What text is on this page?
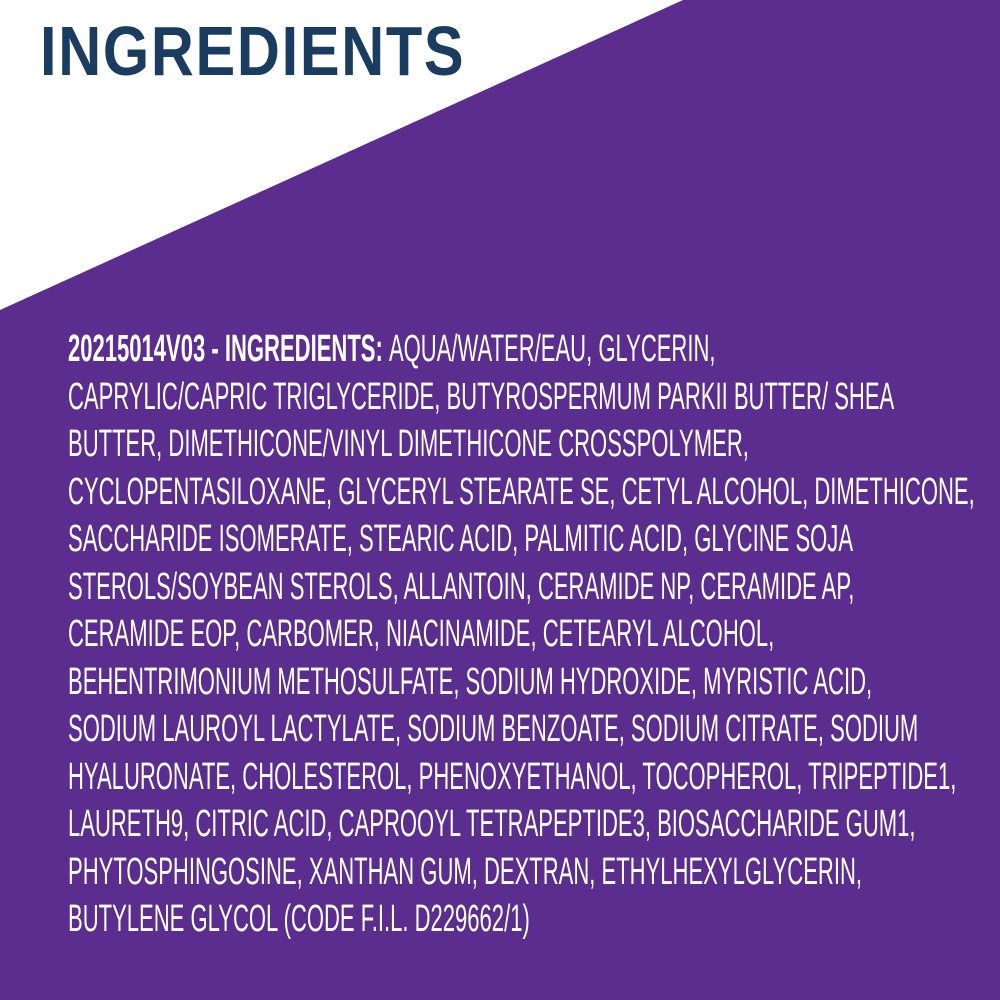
INGREDIENTS
20215014V03 - INGREDIENTS: AQUA/WATER/EAU, GLYCERIN,
CAPRYLIC/CAPRIC TRIGLYCERIDE, BUTYROSPERMUM PARKII BUTTER/ SHEA
BUTTER, DIMETHICONE/VINYL DIMETHICONE CROSSPOLYMER,
CYCLOPENTASILOXANE, GLYCERYL STEARATE SE, CETYL ALCOHOL, DIMETHICONE,
SACCHARIDE ISOMERATE, STEARIC ACID, PALMITIC ACID, GLYCINE SOJA
STEROLS/SOYBEAN STEROLS, ALLANTOIN, CERAMIDE NP, CERAMIDE AP,
CERAMIDE EOP, CARBOMER, NIACINAMIDE, CETEARYL ALCOHOL,
BEHENTRIMONIUM METHOSULFATE, SODIUM HYDROXIDE, MYRISTIC ACID,
SODIUM LAUROYL LACTYLATE, SODIUM BENZOATE, SODIUM CITRATE, SODIUM
HYALURONATE, CHOLESTEROL, PHENOXYETHANOL, TOCOPHEROL, TRIPEPTIDE1,
LAURETH9, CITRIC ACID, CAPROOYL TETRAPEPTIDE3, BIOSACCHARIDE GUM1,
PHYTOSPHINGOSINE, XANTHAN GUM, DEXTRAN, ETHYLHEXYLGLYCERIN,
BUTYLENE GLYCOL (CODE F.I.L. D229662/1)
